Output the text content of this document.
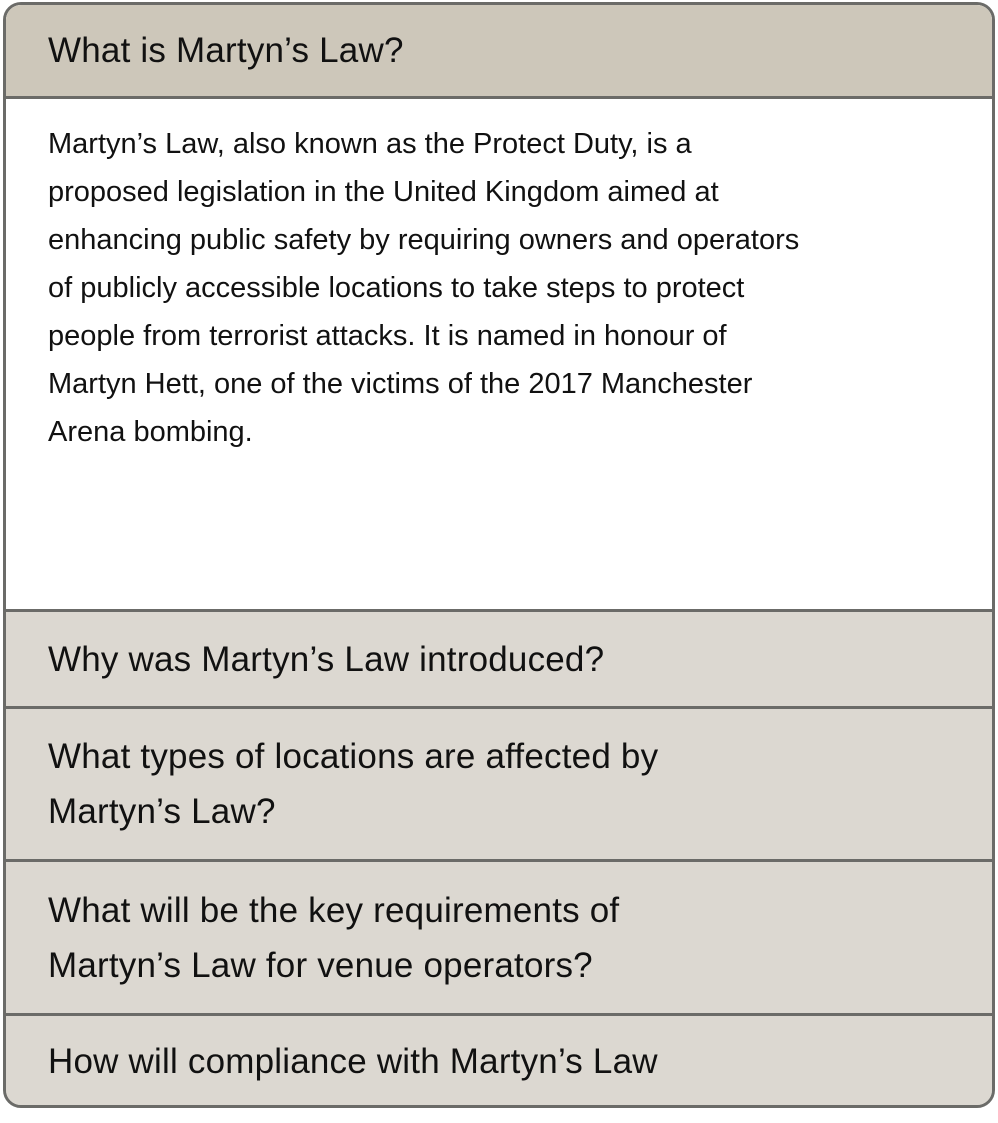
What is Martyn’s Law?

Martyn’s Law, also known as the Protect Duty, is a proposed legislation in the United Kingdom aimed at enhancing public safety by requiring owners and operators of publicly accessible locations to take steps to protect people from terrorist attacks. It is named in honour of Martyn Hett, one of the victims of the 2017 Manchester Arena bombing.

Why was Martyn’s Law introduced?
What types of locations are affected by Martyn’s Law?
What will be the key requirements of Martyn’s Law for venue operators?
How will compliance with Martyn’s Law
